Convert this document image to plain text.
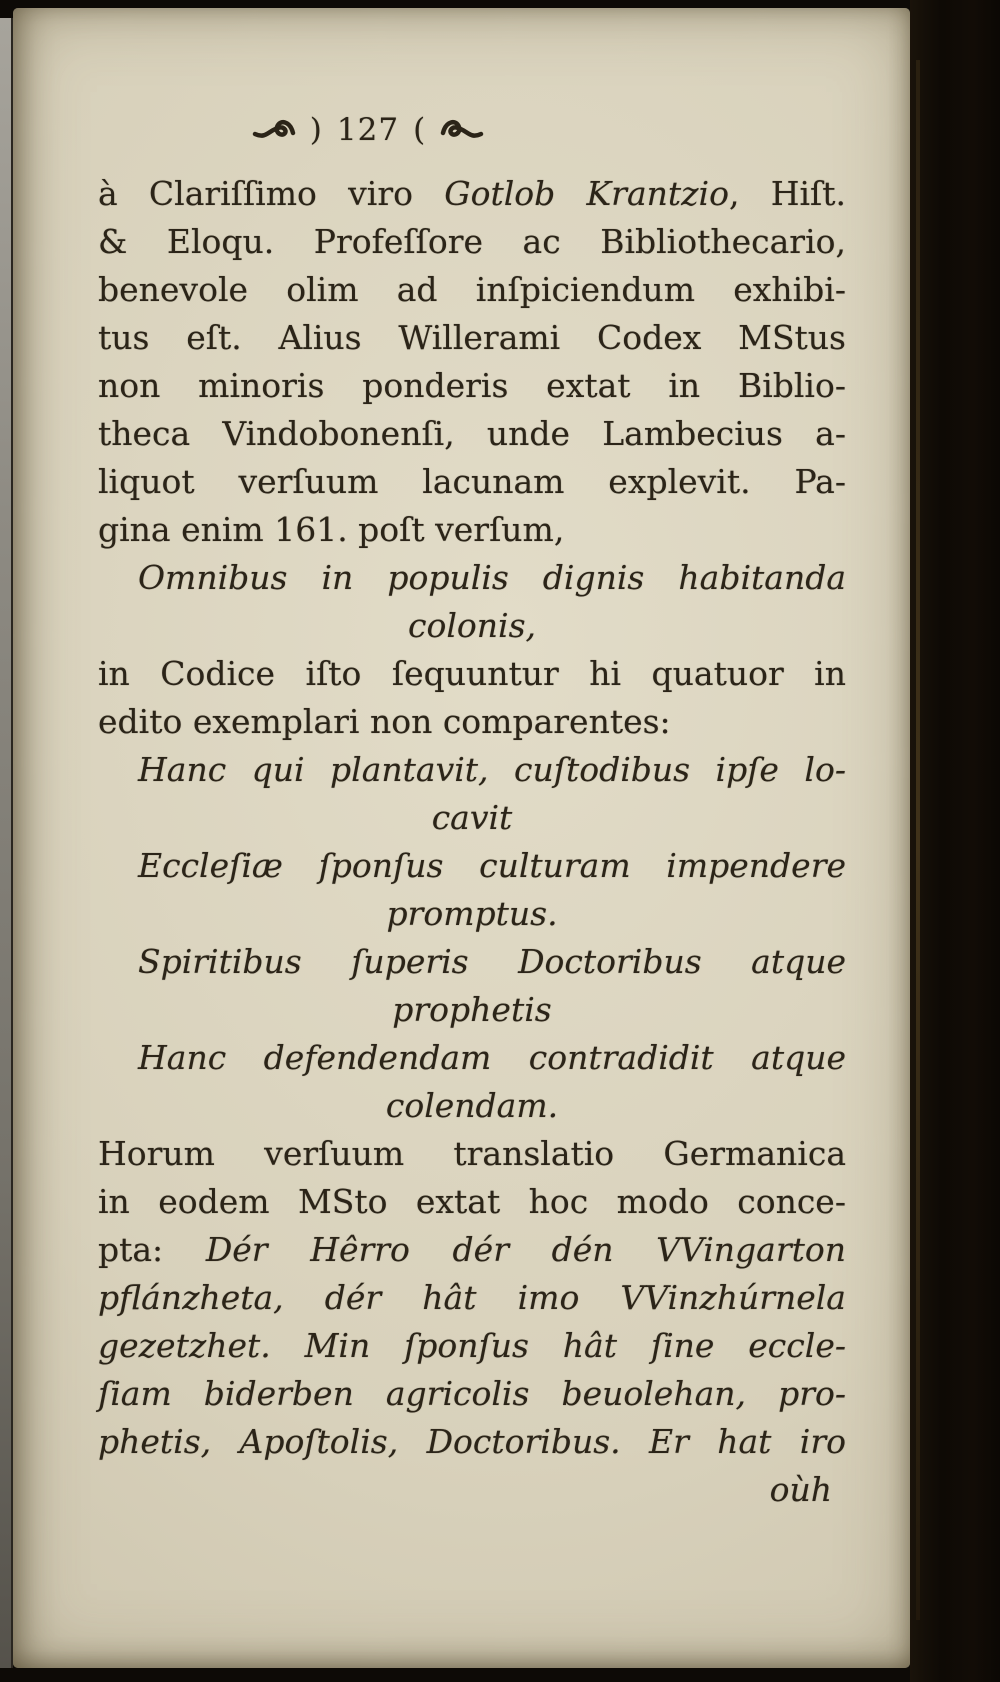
) 127 (
à Clariſſimo viro Gotlob Krantzio, Hiſt.
& Eloqu. Profeſſore ac Bibliothecario,
benevole olim ad inſpiciendum exhibi-
tus eſt. Alius Willerami Codex MStus
non minoris ponderis extat in Biblio-
theca Vindobonenſi, unde Lambecius a-
liquot verſuum lacunam explevit. Pa-
gina enim 161. poſt verſum,
Omnibus in populis dignis habitanda
colonis,
in Codice iſto ſequuntur hi quatuor in
edito exemplari non comparentes:
Hanc qui plantavit, cuſtodibus ipſe lo-
cavit
Eccleſiæ ſponſus culturam impendere
promptus.
Spiritibus ſuperis Doctoribus atque
prophetis
Hanc defendendam contradidit atque
colendam.
Horum verſuum translatio Germanica
in eodem MSto extat hoc modo conce-
pta: Dér Hêrro dér dén VVingarton
pflánzheta, dér hât imo VVinzhúrnela
gezetzhet. Min ſponſus hât ſine eccle-
ſiam biderben agricolis beuolehan, pro-
phetis, Apoſtolis, Doctoribus. Er hat iro
oùh
